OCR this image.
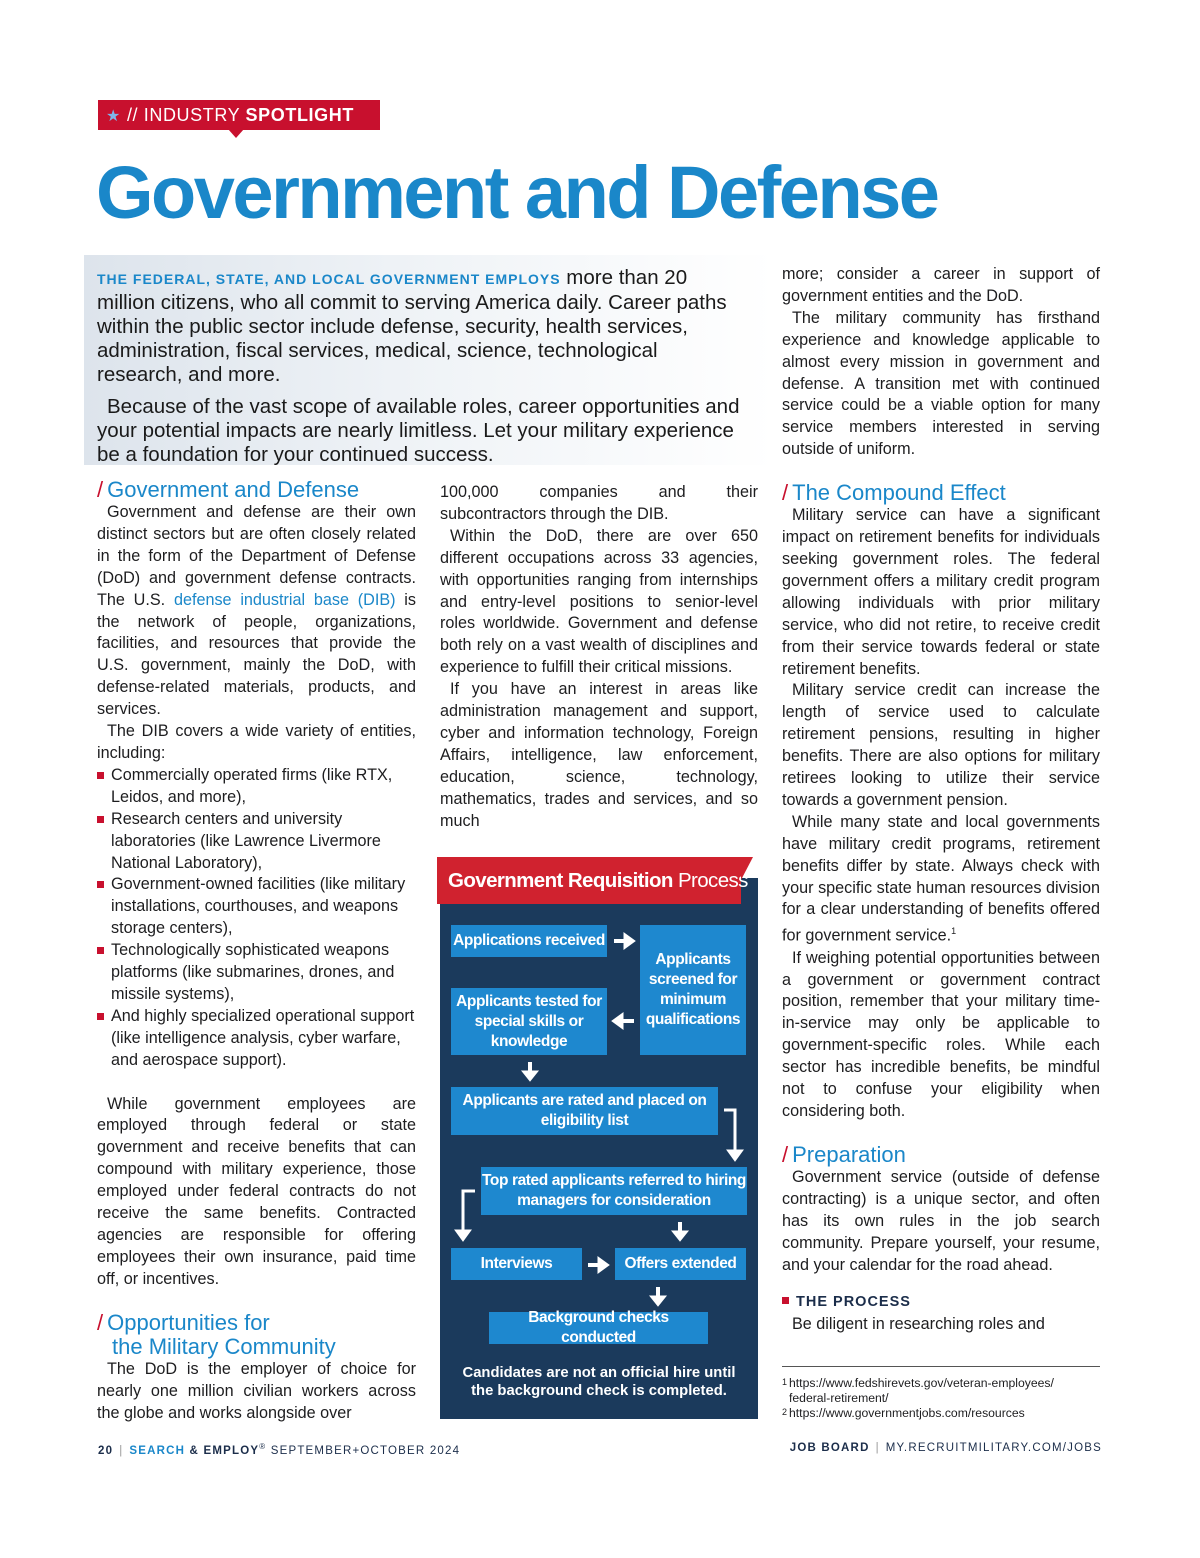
★ // INDUSTRY SPOTLIGHT
Government and Defense

THE FEDERAL, STATE, AND LOCAL GOVERNMENT EMPLOYS more than 20 million citizens, who all commit to serving America daily. Career paths within the public sector include defense, security, health services, administration, fiscal services, medical, science, technological research, and more.

Because of the vast scope of available roles, career opportunities and your potential impacts are nearly limitless. Let your military experience be a foundation for your continued success.

/ Government and Defense

Government and defense are their own distinct sectors but are often closely related in the form of the Department of Defense (DoD) and government defense contracts. The U.S. defense industrial base (DIB) is the network of people, organizations, facilities, and resources that provide the U.S. government, mainly the DoD, with defense-related materials, products, and services.

The DIB covers a wide variety of entities, including:

Commercially operated firms (like RTX, Leidos, and more),
Research centers and university laboratories (like Lawrence Livermore National Laboratory),
Government-owned facilities (like military installations, courthouses, and weapons storage centers),
Technologically sophisticated weapons platforms (like submarines, drones, and missile systems),
And highly specialized operational support (like intelligence analysis, cyber warfare, and aerospace support).

While government employees are employed through federal or state government and receive benefits that can compound with military experience, those employed under federal contracts do not receive the same benefits. Contracted agencies are responsible for offering employees their own insurance, paid time off, or incentives.

/ Opportunities for
the Military Community

The DoD is the employer of choice for nearly one million civilian workers across the globe and works alongside over

100,000 companies and their subcontractors through the DIB.

Within the DoD, there are over 650 different occupations across 33 agencies, with opportunities ranging from internships and entry-level positions to senior-level roles worldwide. Government and defense both rely on a vast wealth of disciplines and experience to fulfill their critical missions.

If you have an interest in areas like administration management and support, cyber and information technology, Foreign Affairs, intelligence, law enforcement, education, science, technology, mathematics, trades and services, and so much

Government Requisition Process
Applications received
Applicants screened for minimum qualifications
Applicants tested for special skills or knowledge
Applicants are rated and placed on eligibility list
Top rated applicants referred to hiring managers for consideration
Interviews	Offers extended
Background checks conducted
Candidates are not an official hire until the background check is completed.

more; consider a career in support of government entities and the DoD.

The military community has firsthand experience and knowledge applicable to almost every mission in government and defense. A transition met with continued service could be a viable option for many service members interested in serving outside of uniform.

/ The Compound Effect

Military service can have a significant impact on retirement benefits for individuals seeking government roles. The federal government offers a military credit program allowing individuals with prior military service, who did not retire, to receive credit from their service towards federal or state retirement benefits.

Military service credit can increase the length of service used to calculate retirement pensions, resulting in higher benefits. There are also options for military retirees looking to utilize their service towards a government pension.

While many state and local governments have military credit programs, retirement benefits differ by state. Always check with your specific state human resources division for a clear understanding of benefits offered for government service.$^1$

If weighing potential opportunities between a government or government contract position, remember that your military time-in-service may only be applicable to government-specific roles. While each sector has incredible benefits, be mindful not to confuse your eligibility when considering both.

/ Preparation

Government service (outside of defense contracting) is a unique sector, and often has its own rules in the job search community. Prepare yourself, your resume, and your calendar for the road ahead.

THE PROCESS

Be diligent in researching roles and

$^1$ https://www.fedshirevets.gov/veteran-employees/
federal-retirement/
$^2$ https://www.governmentjobs.com/resources
20 | SEARCH & EMPLOY® SEPTEMBER+OCTOBER 2024	JOB BOARD | MY.RECRUITMILITARY.COM/JOBS
